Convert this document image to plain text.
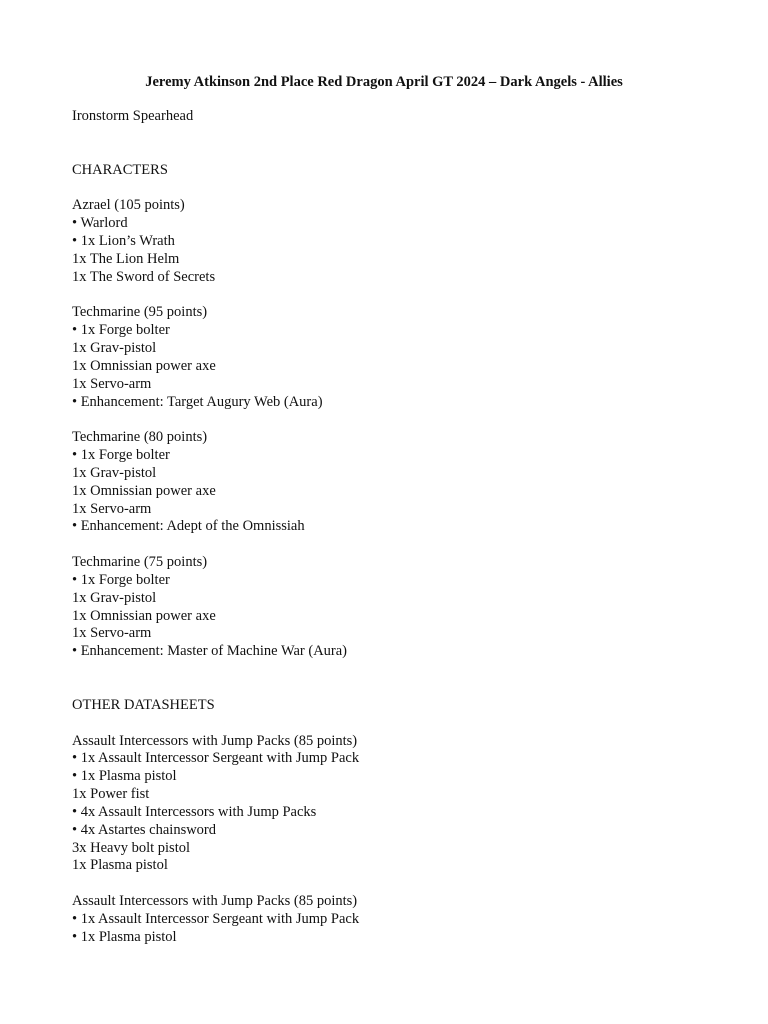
Jeremy Atkinson 2nd Place Red Dragon April GT 2024 – Dark Angels - Allies
Ironstorm Spearhead
CHARACTERS
Azrael (105 points)
• Warlord
• 1x Lion’s Wrath
1x The Lion Helm
1x The Sword of Secrets
Techmarine (95 points)
• 1x Forge bolter
1x Grav-pistol
1x Omnissian power axe
1x Servo-arm
• Enhancement: Target Augury Web (Aura)
Techmarine (80 points)
• 1x Forge bolter
1x Grav-pistol
1x Omnissian power axe
1x Servo-arm
• Enhancement: Adept of the Omnissiah
Techmarine (75 points)
• 1x Forge bolter
1x Grav-pistol
1x Omnissian power axe
1x Servo-arm
• Enhancement: Master of Machine War (Aura)
OTHER DATASHEETS
Assault Intercessors with Jump Packs (85 points)
• 1x Assault Intercessor Sergeant with Jump Pack
• 1x Plasma pistol
1x Power fist
• 4x Assault Intercessors with Jump Packs
• 4x Astartes chainsword
3x Heavy bolt pistol
1x Plasma pistol
Assault Intercessors with Jump Packs (85 points)
• 1x Assault Intercessor Sergeant with Jump Pack
• 1x Plasma pistol
